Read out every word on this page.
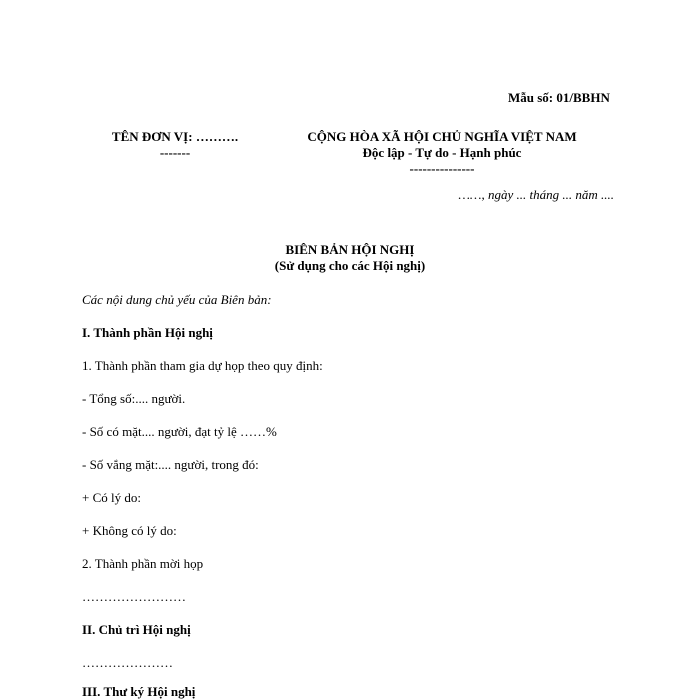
Mẫu số: 01/BBHN
TÊN ĐƠN VỊ: ……….
-------
CỘNG HÒA XÃ HỘI CHỦ NGHĨA VIỆT NAM
Độc lập - Tự do - Hạnh phúc
---------------
……, ngày ... tháng ... năm ....
BIÊN BẢN HỘI NGHỊ
(Sử dụng cho các Hội nghị)
Các nội dung chủ yếu của Biên bản:
I. Thành phần Hội nghị
1. Thành phần tham gia dự họp theo quy định:
- Tổng số:.... người.
- Số có mặt.... người, đạt tỷ lệ ……%
- Số vắng mặt:.... người, trong đó:
+ Có lý do:
+ Không có lý do:
2. Thành phần mời họp
……………………
II. Chủ trì Hội nghị
…………………
III. Thư ký Hội nghị
